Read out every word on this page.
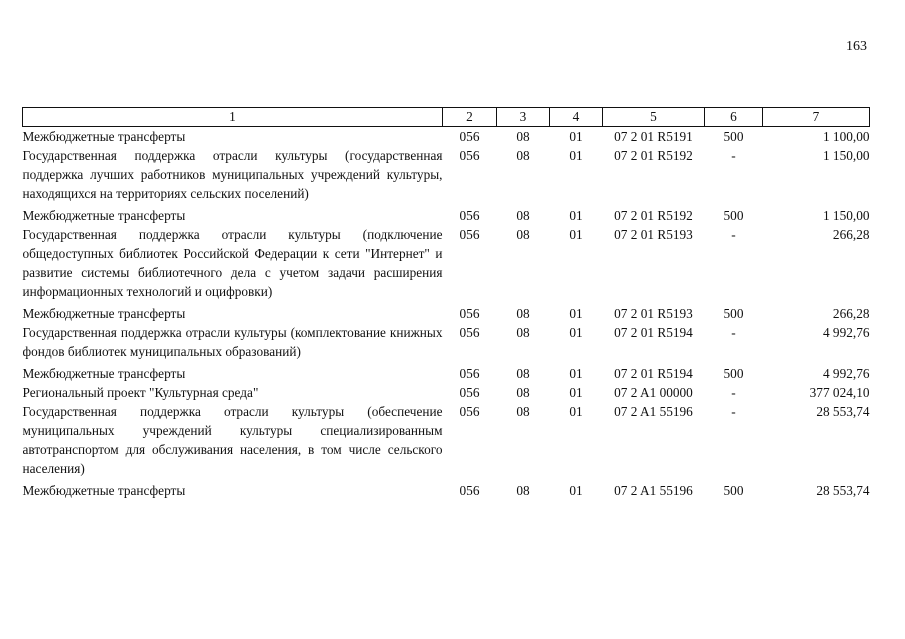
163
1	2	3	4	5	6	7
Межбюджетные трансферты	056	08	01	07 2 01 R5191	500	1 100,00
Государственная поддержка отрасли культуры (государственная поддержка лучших работников муниципальных учреждений культуры, находящихся на территориях сельских поселений)	056	08	01	07 2 01 R5192	-	1 150,00
Межбюджетные трансферты	056	08	01	07 2 01 R5192	500	1 150,00
Государственная поддержка отрасли культуры (подключение общедоступных библиотек Российской Федерации к сети "Интернет" и развитие системы библиотечного дела с учетом задачи расширения информационных технологий и оцифровки)	056	08	01	07 2 01 R5193	-	266,28
Межбюджетные трансферты	056	08	01	07 2 01 R5193	500	266,28
Государственная поддержка отрасли культуры (комплектование книжных фондов библиотек муниципальных образований)	056	08	01	07 2 01 R5194	-	4 992,76
Межбюджетные трансферты	056	08	01	07 2 01 R5194	500	4 992,76
Региональный проект "Культурная среда"	056	08	01	07 2 A1 00000	-	377 024,10
Государственная поддержка отрасли культуры (обеспечение муниципальных учреждений культуры специализированным автотранспортом для обслуживания населения, в том числе сельского населения)	056	08	01	07 2 A1 55196	-	28 553,74
Межбюджетные трансферты	056	08	01	07 2 A1 55196	500	28 553,74
